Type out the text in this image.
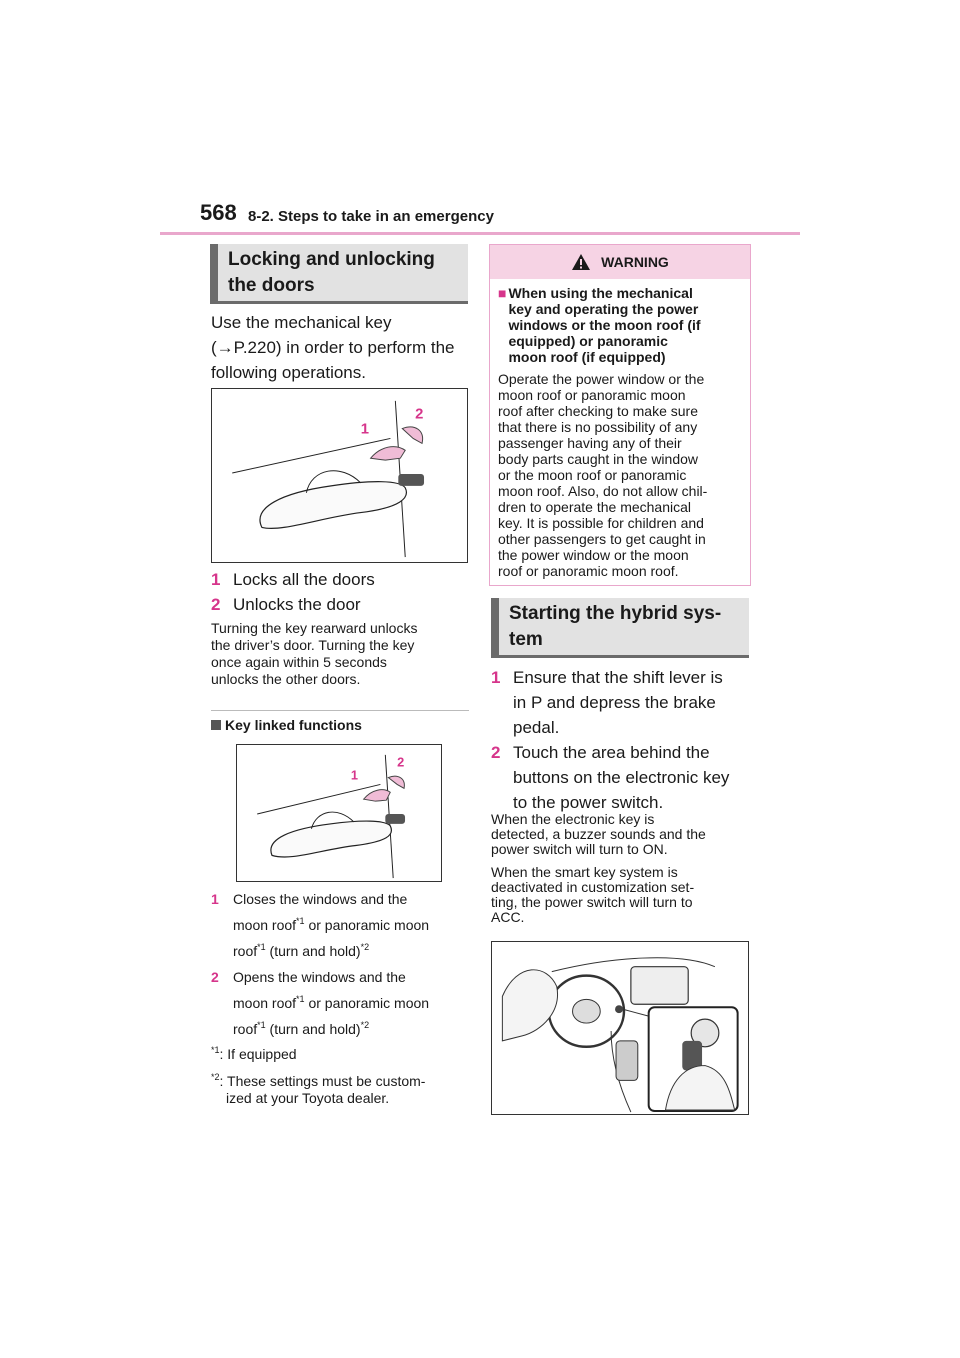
568 8-2. Steps to take in an emergency
Locking and unlocking
the doors
Use the mechanical key
(→P.220) in order to perform the
following operations.
1
2
1 Locks all the doors
2 Unlocks the door
Turning the key rearward unlocks
the driver’s door. Turning the key
once again within 5 seconds
unlocks the other doors.
Key linked functions
1
2
1 Closes the windows and the
moon roof$^{*1}$ or panoramic moon
roof$^{*1}$ (turn and hold)$^{*2}$
2 Opens the windows and the
moon roof$^{*1}$ or panoramic moon
roof$^{*1}$ (turn and hold)$^{*2}$
$^{*1}$: If equipped
$^{*2}$: These settings must be custom-
ized at your Toyota dealer.
WARNING
■ When using the mechanical
key and operating the power
windows or the moon roof (if
equipped) or panoramic
moon roof (if equipped)
Operate the power window or the
moon roof or panoramic moon
roof after checking to make sure
that there is no possibility of any
passenger having any of their
body parts caught in the window
or the moon roof or panoramic
moon roof. Also, do not allow chil-
dren to operate the mechanical
key. It is possible for children and
other passengers to get caught in
the power window or the moon
roof or panoramic moon roof.
Starting the hybrid sys-
tem
1 Ensure that the shift lever is
in P and depress the brake
pedal.
2 Touch the area behind the
buttons on the electronic key
to the power switch.
When the electronic key is
detected, a buzzer sounds and the
power switch will turn to ON.
When the smart key system is
deactivated in customization set-
ting, the power switch will turn to
ACC.
